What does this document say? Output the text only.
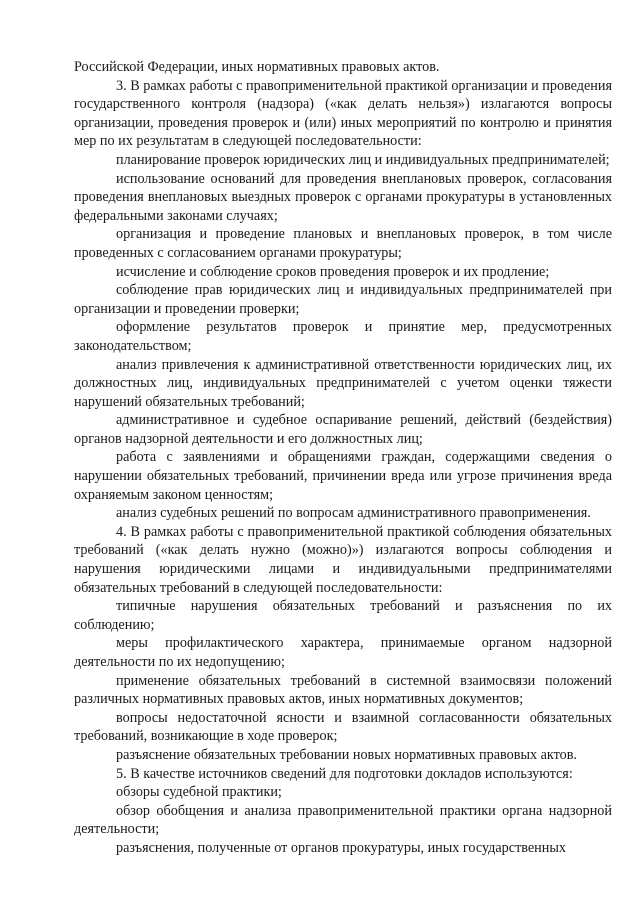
Российской Федерации, иных нормативных правовых актов.

3. В рамках работы с правоприменительной практикой организации и проведения государственного контроля (надзора) («как делать нельзя») излагаются вопросы организации, проведения проверок и (или) иных мероприятий по контролю и принятия мер по их результатам в следующей последовательности:

планирование проверок юридических лиц и индивидуальных предпринимателей;

использование оснований для проведения внеплановых проверок, согласования проведения внеплановых выездных проверок с органами прокуратуры в установленных федеральными законами случаях;

организация и проведение плановых и внеплановых проверок, в том числе проведенных с согласованием органами прокуратуры;

исчисление и соблюдение сроков проведения проверок и их продление;

соблюдение прав юридических лиц и индивидуальных предпринимателей при организации и проведении проверки;

оформление результатов проверок и принятие мер, предусмотренных законодательством;

анализ привлечения к административной ответственности юридических лиц, их должностных лиц, индивидуальных предпринимателей с учетом оценки тяжести нарушений обязательных требований;

административное и судебное оспаривание решений, действий (бездействия) органов надзорной деятельности и его должностных лиц;

работа с заявлениями и обращениями граждан, содержащими сведения о нарушении обязательных требований, причинении вреда или угрозе причинения вреда охраняемым законом ценностям;

анализ судебных решений по вопросам административного правоприменения.

4. В рамках работы с правоприменительной практикой соблюдения обязательных требований («как делать нужно (можно)») излагаются вопросы соблюдения и нарушения юридическими лицами и индивидуальными предпринимателями обязательных требований в следующей последовательности:

типичные нарушения обязательных требований и разъяснения по их соблюдению;

меры профилактического характера, принимаемые органом надзорной деятельности по их недопущению;

применение обязательных требований в системной взаимосвязи положений различных нормативных правовых актов, иных нормативных документов;

вопросы недостаточной ясности и взаимной согласованности обязательных требований, возникающие в ходе проверок;

разъяснение обязательных требовании новых нормативных правовых актов.

5. В качестве источников сведений для подготовки докладов используются:

обзоры судебной практики;

обзор обобщения и анализа правоприменительной практики органа надзорной деятельности;

разъяснения, полученные от органов прокуратуры, иных государственных
